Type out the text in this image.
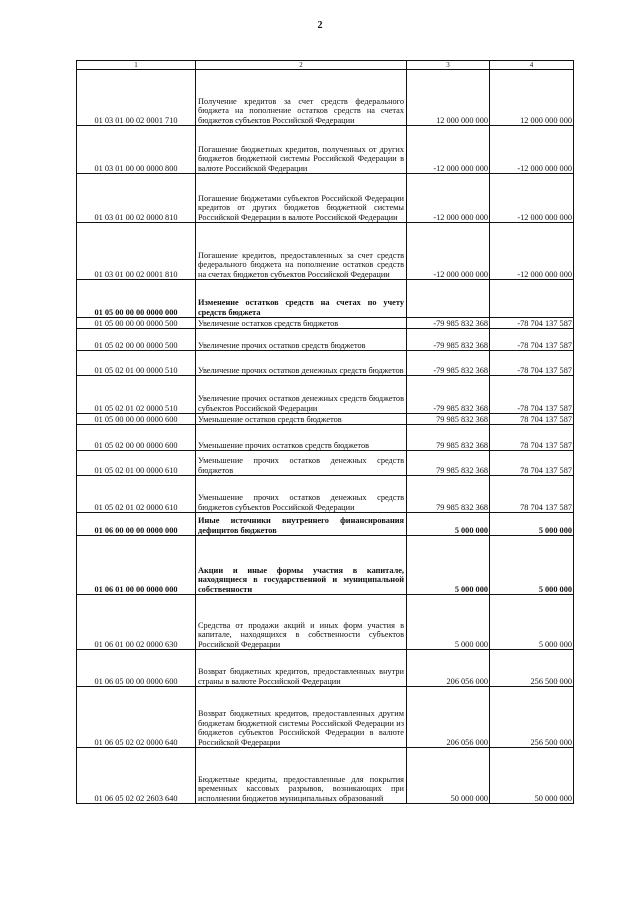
2
1	2	3	4
01 03 01 00 02 0001 710	Получение кредитов за счет средств федерального бюджета на пополнение остатков средств на счетах бюджетов субъектов Российской Федерации	12 000 000 000	12 000 000 000
01 03 01 00 00 0000 800	Погашение бюджетных кредитов, полученных от других бюджетов бюджетной системы Российской Федерации в валюте Российской Федерации	-12 000 000 000	-12 000 000 000
01 03 01 00 02 0000 810	Погашение бюджетами субъектов Российской Федерации кредитов от других бюджетов бюджетной системы Российской Федерации в валюте Российской Федерации	-12 000 000 000	-12 000 000 000
01 03 01 00 02 0001 810	Погашение кредитов, предоставленных за счет средств федерального бюджета на пополнение остатков средств на счетах бюджетов субъектов Российской Федерации	-12 000 000 000	-12 000 000 000
01 05 00 00 00 0000 000	Изменение остатков средств на счетах по учету средств бюджета		
01 05 00 00 00 0000 500	Увеличение остатков средств бюджетов	-79 985 832 368	-78 704 137 587
01 05 02 00 00 0000 500	Увеличение прочих остатков средств бюджетов	-79 985 832 368	-78 704 137 587
01 05 02 01 00 0000 510	Увеличение прочих остатков денежных средств бюджетов	-79 985 832 368	-78 704 137 587
01 05 02 01 02 0000 510	Увеличение прочих остатков денежных средств бюджетов субъектов Российской Федерации	-79 985 832 368	-78 704 137 587
01 05 00 00 00 0000 600	Уменьшение остатков средств бюджетов	79 985 832 368	78 704 137 587
01 05 02 00 00 0000 600	Уменьшение прочих остатков средств бюджетов	79 985 832 368	78 704 137 587
01 05 02 01 00 0000 610	Уменьшение прочих остатков денежных средств бюджетов	79 985 832 368	78 704 137 587
01 05 02 01 02 0000 610	Уменьшение прочих остатков денежных средств бюджетов субъектов Российской Федерации	79 985 832 368	78 704 137 587
01 06 00 00 00 0000 000	Иные источники внутреннего финансирования дефицитов бюджетов	5 000 000	5 000 000
01 06 01 00 00 0000 000	Акции и иные формы участия в капитале, находящиеся в государственной и муниципальной собственности	5 000 000	5 000 000
01 06 01 00 02 0000 630	Средства от продажи акций и иных форм участия в капитале, находящихся в собственности субъектов Российской Федерации	5 000 000	5 000 000
01 06 05 00 00 0000 600	Возврат бюджетных кредитов, предоставленных внутри страны в валюте Российской Федерации	206 056 000	256 500 000
01 06 05 02 02 0000 640	Возврат бюджетных кредитов, предоставленных другим бюджетам бюджетной системы Российской Федерации из бюджетов субъектов Российской Федерации в валюте Российской Федерации	206 056 000	256 500 000
01 06 05 02 02 2603 640	Бюджетные кредиты, предоставленные для покрытия временных кассовых разрывов, возникающих при исполнении бюджетов муниципальных образований	50 000 000	50 000 000
